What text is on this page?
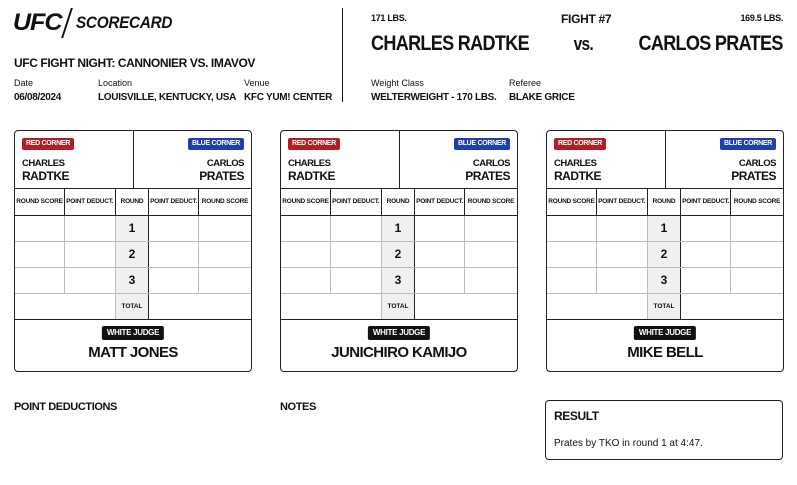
UFC SCORECARD
UFC FIGHT NIGHT: CANNONIER VS. IMAVOV
Date
06/08/2024
Location
LOUISVILLE, KENTUCKY, USA
Venue
KFC YUM! CENTER
171 LBS.	FIGHT #7	169.5 LBS.
CHARLES RADTKE vs. CARLOS PRATES
Weight Class
WELTERWEIGHT - 170 LBS.
Referee
BLAKE GRICE
RED CORNER	BLUE CORNER
CHARLES
RADTKE
CARLOS
PRATES
ROUND SCORE	POINT DEDUCT.	ROUND	POINT DEDUCT.	ROUND SCORE
		1		
		2		
		3		
		TOTAL		
WHITE JUDGE
MATT JONES
RED CORNER	BLUE CORNER
CHARLES
RADTKE
CARLOS
PRATES
ROUND SCORE	POINT DEDUCT.	ROUND	POINT DEDUCT.	ROUND SCORE
		1		
		2		
		3		
		TOTAL		
WHITE JUDGE
JUNICHIRO KAMIJO
RED CORNER	BLUE CORNER
CHARLES
RADTKE
CARLOS
PRATES
ROUND SCORE	POINT DEDUCT.	ROUND	POINT DEDUCT.	ROUND SCORE
		1		
		2		
		3		
		TOTAL		
WHITE JUDGE
MIKE BELL
POINT DEDUCTIONS	NOTES
RESULT
Prates by TKO in round 1 at 4:47.
